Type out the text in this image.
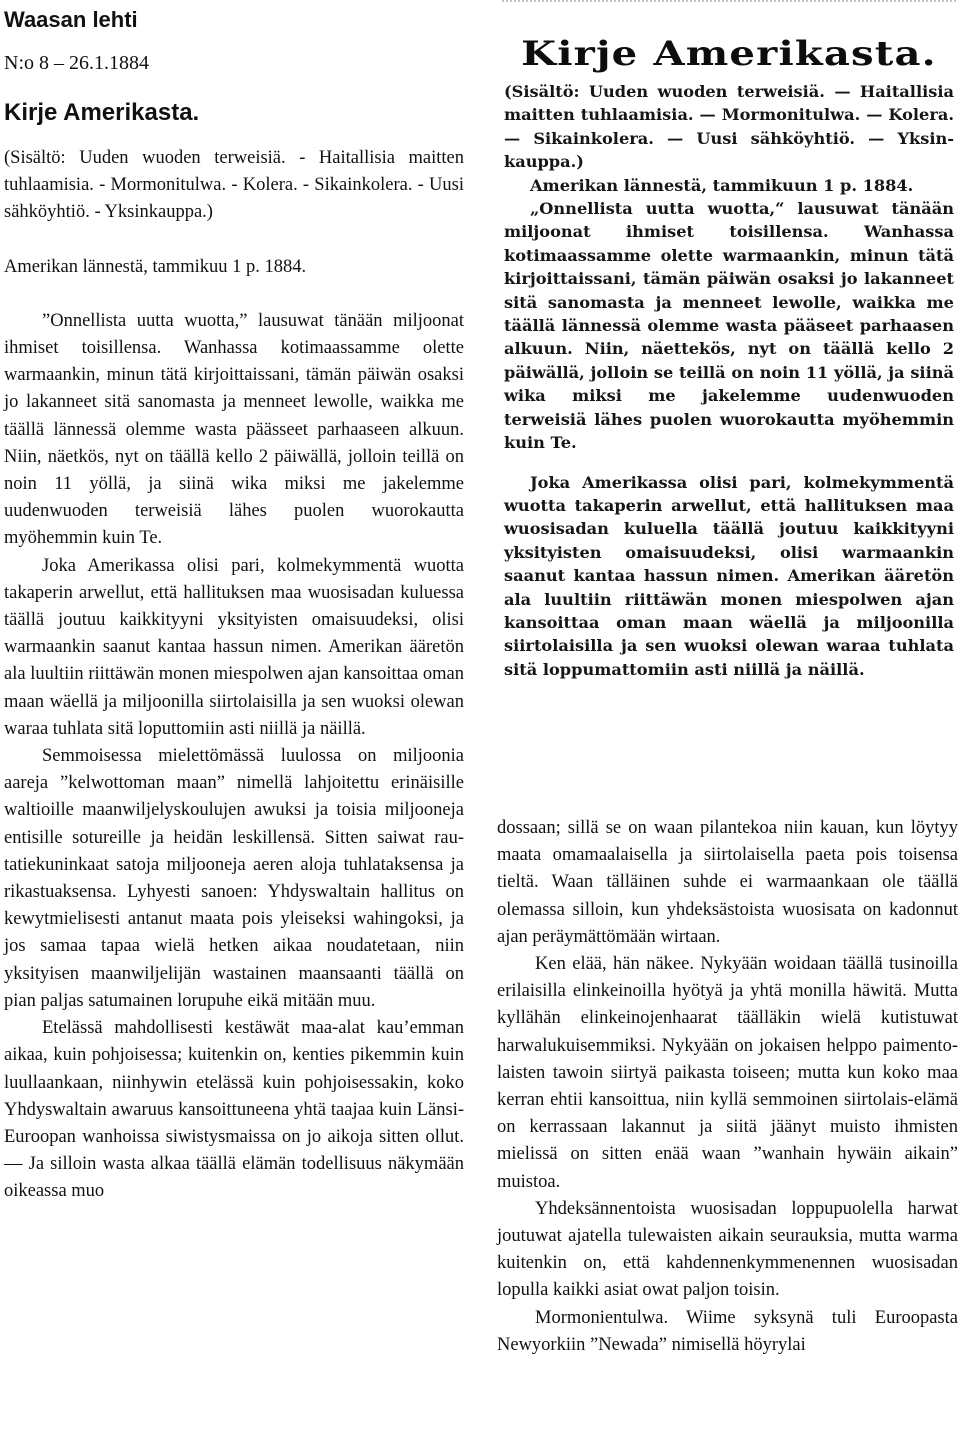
Waasan lehti
N:o 8 – 26.1.1884
Kirje Amerikasta.

(Sisältö: Uuden wuoden terweisiä. - Haitallisia maitten tuhlaamisia. - Mormonitulwa. - Kolera. - Sikainkolera. - Uusi sähköyhtiö. - Yksinkauppa.)

Amerikan lännestä, tammikuu 1 p. 1884.

”Onnellista uutta wuotta,” lausuwat tänään miljoonat ihmiset toisillensa. Wanhassa kotimaassamme olette warmaankin, minun tätä kirjoittaissani, tämän päiwän osaksi jo lakanneet sitä sanomasta ja menneet lewolle, waikka me täällä lännessä olemme wasta päässeet parhaaseen alkuun. Niin, näetkös, nyt on täällä kello 2 päiwällä, jolloin teillä on noin 11 yöllä, ja siinä wika miksi me jakelemme uudenwuoden terweisiä lähes puolen wuorokautta myöhemmin kuin Te.

Joka Amerikassa olisi pari, kolmekymmentä wuotta takaperin arwellut, että hallituksen maa wuosisadan kuluessa täällä joutuu kaikkityyni yksityisten omaisuudeksi, olisi warmaankin saanut kantaa hassun nimen. Amerikan ääretön ala luultiin riittäwän monen miespolwen ajan kansoittaa oman maan wäellä ja miljoonilla siirtolaisilla ja sen wuoksi olewan waraa tuhlata sitä loputtomiin asti niillä ja näillä.

Semmoisessa mielettömässä luulossa on miljoonia aareja ”kelwottoman maan” nimellä lahjoitettu erinäisille waltioille maanwiljelyskoulujen awuksi ja toisia miljooneja entisille sotureille ja heidän leskillensä. Sitten saiwat rautatiekuninkaat satoja miljooneja aeren aloja tuhlataksensa ja rikastuaksensa. Lyhyesti sanoen: Yhdyswaltain hallitus on kewytmielisesti antanut maata pois yleiseksi wahingoksi, ja jos samaa tapaa wielä hetken aikaa noudatetaan, niin yksityisen maanwiljelijän wastainen maansaanti täällä on pian paljas satumainen lorupuhe eikä mitään muu.

Etelässä mahdollisesti kestäwät maa-alat kau’emman aikaa, kuin pohjoisessa; kuitenkin on, kenties pikemmin kuin luullaankaan, niinhywin etelässä kuin pohjoisessakin, koko Yhdyswaltain awaruus kansoittuneena yhtä taajaa kuin Länsi-Euroopan wanhoissa siwistysmaissa on jo aikoja sitten ollut. — Ja silloin wasta alkaa täällä elämän todellisuus näkymään oikeassa muo

Kirje Amerikasta.

(Sisältö: Uuden wuoden terweisiä. — Haitallisia maitten tuhlaamisia. — Mormonitulwa. — Kolera. — Sikainkolera. — Uusi sähköyhtiö. — Yksinkauppa.)

Amerikan lännestä, tammikuun 1 p. 1884.

„Onnellista uutta wuotta,“ lausuwat tänään miljoonat ihmiset toisillensa. Wanhassa kotimaassamme olette warmaankin, minun tätä kirjoittaissani, tämän päiwän osaksi jo lakanneet sitä sanomasta ja menneet lewolle, waikka me täällä lännessä olemme wasta pääseet parhaasen alkuun. Niin, näettekös, nyt on täällä kello 2 päiwällä, jolloin se teillä on noin 11 yöllä, ja siinä wika miksi me jakelemme uudenwuoden terweisiä lähes puolen wuorokautta myöhemmin kuin Te.

Joka Amerikassa olisi pari, kolmekymmentä wuotta takaperin arwellut, että hallituksen maa wuosisadan kuluella täällä joutuu kaikkityyni yksityisten omaisuudeksi, olisi warmaankin saanut kantaa hassun nimen. Amerikan ääretön ala luultiin riittäwän monen miespolwen ajan kansoittaa oman maan wäellä ja miljoonilla siirtolaisilla ja sen wuoksi olewan waraa tuhlata sitä loppumattomiin asti niillä ja näillä.

dossaan; sillä se on waan pilantekoa niin kauan, kun löytyy maata omamaalaisella ja siirtolaisella paeta pois toisensa tieltä. Waan tälläinen suhde ei warmaankaan ole täällä olemassa silloin, kun yhdeksästoista wuosisata on kadonnut ajan peräymättömään wirtaan.

Ken elää, hän näkee. Nykyään woidaan täällä tusinoilla erilaisilla elinkeinoilla hyötyä ja yhtä monilla häwitä. Mutta kyllähän elinkeinojenhaarat täälläkin wielä kutistuwat harwalukuisemmiksi. Nykyään on jokaisen helppo paimentolaisten tawoin siirtyä paikasta toiseen; mutta kun koko maa kerran ehtii kansoittua, niin kyllä semmoinen siirtolais-elämä on kerrassaan lakannut ja siitä jäänyt muisto ihmisten mielissä on sitten enää waan ”wanhain hywäin aikain” muistoa.

Yhdeksännentoista wuosisadan loppupuolella harwat joutuwat ajatella tulewaisten aikain seurauksia, mutta warma kuitenkin on, että kahdennenkymmenennen wuosisadan lopulla kaikki asiat owat paljon toisin.

Mormonientulwa. Wiime syksynä tuli Euroopasta Newyorkiin ”Newada” nimisellä höyrylai
